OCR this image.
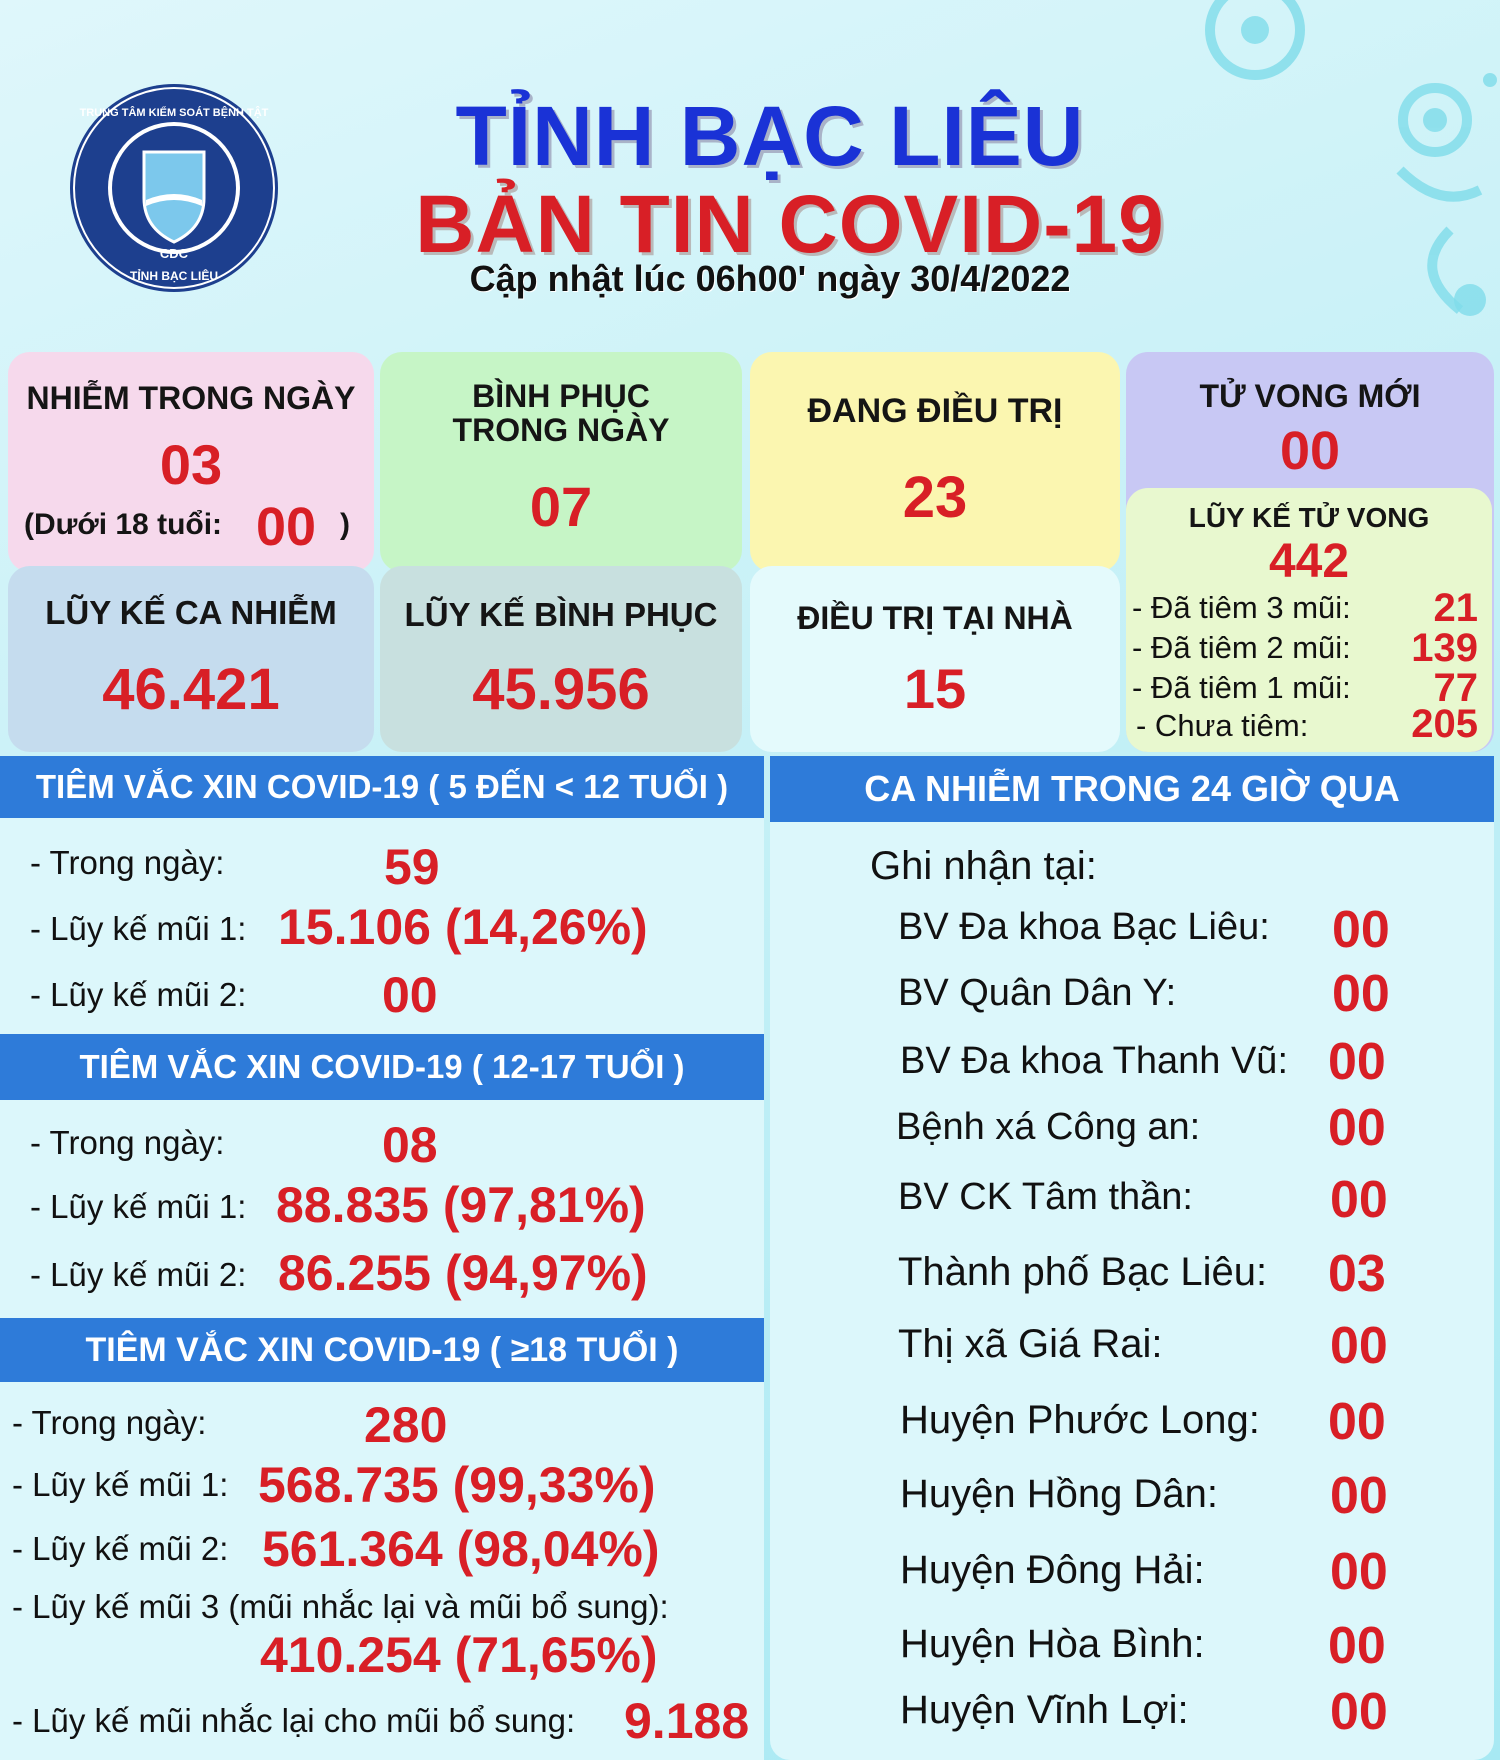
TRUNG TÂM KIỂM SOÁT BỆNH TẬT
CDC
TỈNH BẠC LIÊU
TỈNH BẠC LIÊU
BẢN TIN COVID-19
Cập nhật lúc 06h00' ngày 30/4/2022
NHIỄM TRONG NGÀY
03
(Dưới 18 tuổi: 00 )
BÌNH PHỤC
TRONG NGÀY
07
ĐANG ĐIỀU TRỊ
23
TỬ VONG MỚI
00
LŨY KẾ CA NHIỄM
46.421
LŨY KẾ BÌNH PHỤC
45.956
ĐIỀU TRỊ TẠI NHÀ
15
LŨY KẾ TỬ VONG
442
- Đã tiêm 3 mũi: 21
- Đã tiêm 2 mũi: 139
- Đã tiêm 1 mũi: 77
- Chưa tiêm:	205
TIÊM VẮC XIN COVID-19 ( 5 ĐẾN < 12 TUỔI )
- Trong ngày:	59
- Lũy kế mũi 1: 15.106 (14,26%)
- Lũy kế mũi 2:	00
TIÊM VẮC XIN COVID-19 ( 12-17 TUỔI )
- Trong ngày:	08
- Lũy kế mũi 1: 88.835 (97,81%)
- Lũy kế mũi 2: 86.255 (94,97%)
TIÊM VẮC XIN COVID-19 ( ≥18 TUỔI )
- Trong ngày:	280
- Lũy kế mũi 1: 568.735 (99,33%)
- Lũy kế mũi 2: 561.364 (98,04%)
- Lũy kế mũi 3 (mũi nhắc lại và mũi bổ sung):
410.254 (71,65%)
- Lũy kế mũi nhắc lại cho mũi bổ sung: 9.188
CA NHIỄM TRONG 24 GIỜ QUA
Ghi nhận tại:
BV Đa khoa Bạc Liêu: 00
BV Quân Dân Y:	00
BV Đa khoa Thanh Vũ: 00
Bệnh xá Công an: 00
BV CK Tâm thần:	00
Thành phố Bạc Liêu: 03
Thị xã Giá Rai:	00
Huyện Phước Long: 00
Huyện Hồng Dân: 00
Huyện Đông Hải: 00
Huyện Hòa Bình: 00
Huyện Vĩnh Lợi:	00
